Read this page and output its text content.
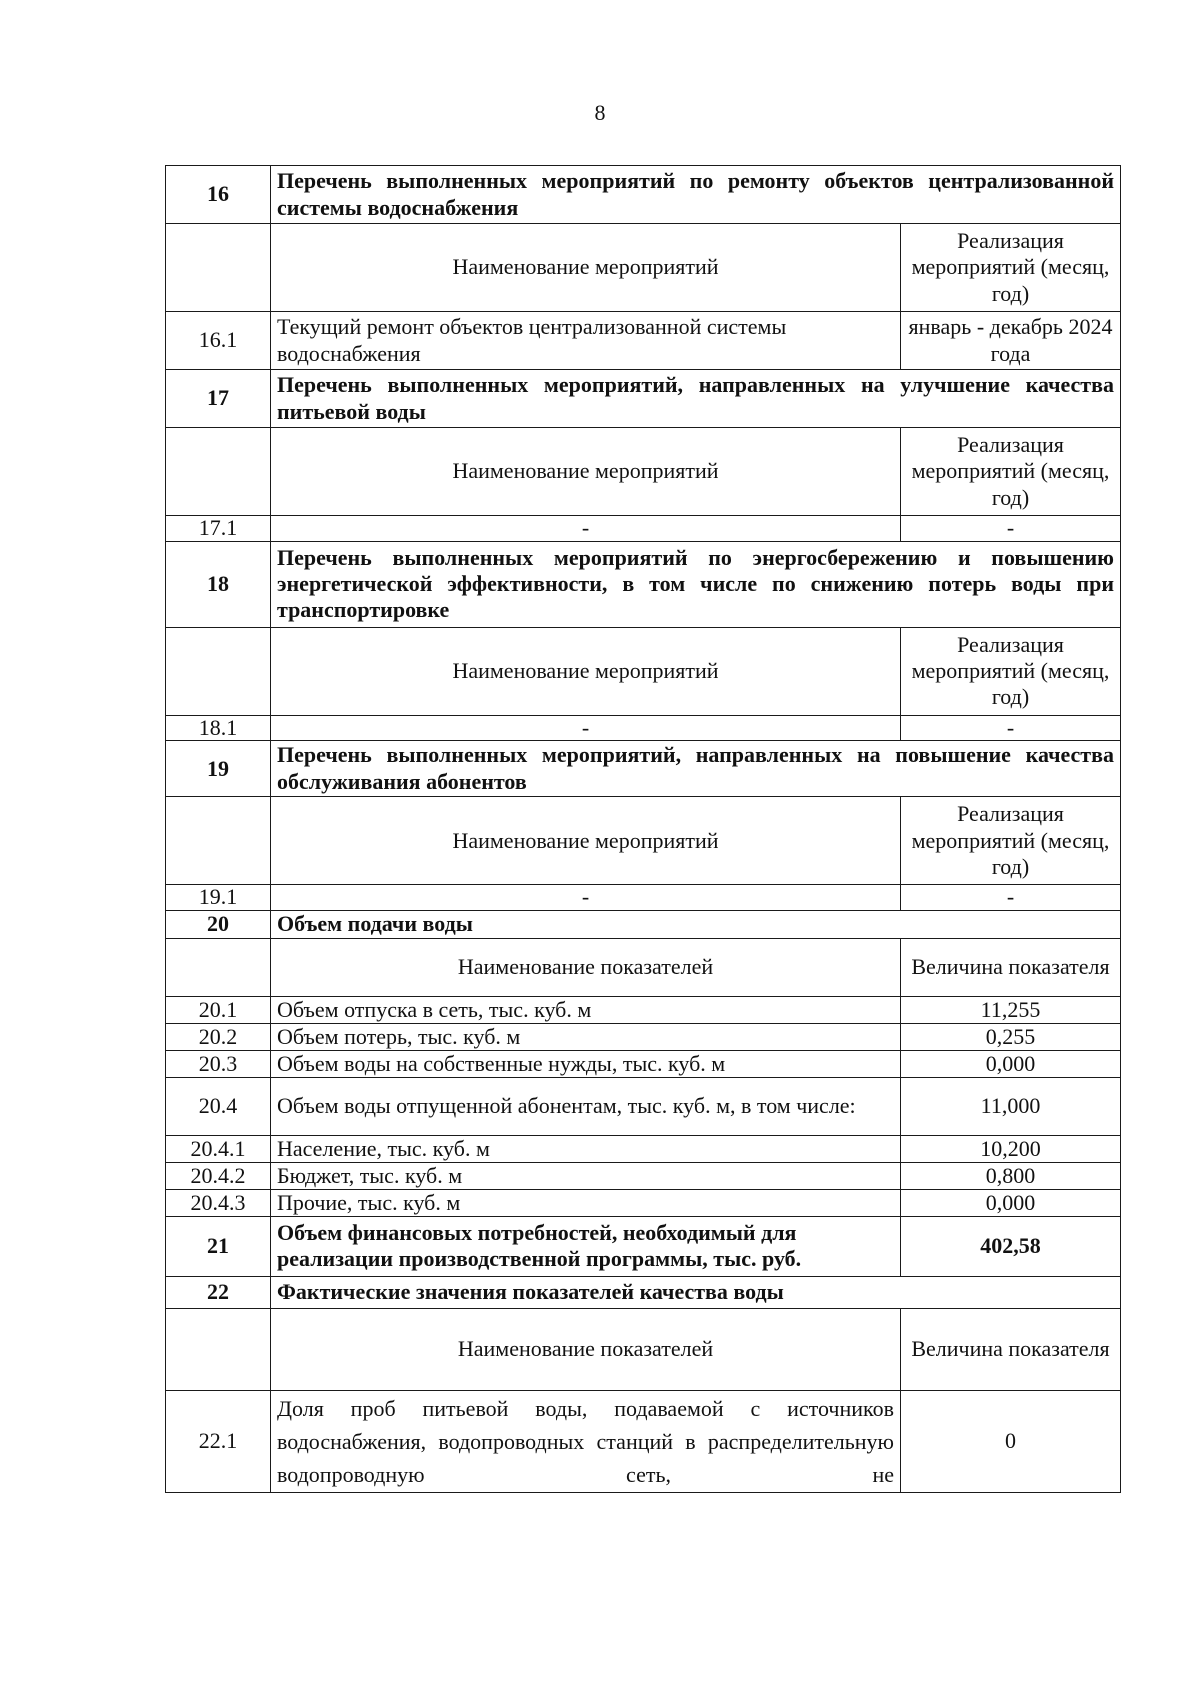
8
16	Перечень выполненных мероприятий по ремонту объектов централизованной системы водоснабжения	
	Наименование мероприятий	Реализация мероприятий (месяц, год)
16.1	Текущий ремонт объектов централизованной системы водоснабжения	январь - декабрь 2024 года
17	Перечень выполненных мероприятий, направленных на улучшение качества питьевой воды	
	Наименование мероприятий	Реализация мероприятий (месяц, год)
17.1	-	-
18	Перечень выполненных мероприятий по энергосбережению и повышению энергетической эффективности, в том числе по снижению потерь воды при транспортировке	
	Наименование мероприятий	Реализация мероприятий (месяц, год)
18.1	-	-
19	Перечень выполненных мероприятий, направленных на повышение качества обслуживания абонентов	
	Наименование мероприятий	Реализация мероприятий (месяц, год)
19.1	-	-
20	Объем подачи воды	
	Наименование показателей	Величина показателя
20.1	Объем отпуска в сеть, тыс. куб. м	11,255
20.2	Объем потерь, тыс. куб. м	0,255
20.3	Объем воды на собственные нужды, тыс. куб. м	0,000
20.4	Объем воды отпущенной абонентам, тыс. куб. м, в том числе:	11,000
20.4.1	Население, тыс. куб. м	10,200
20.4.2	Бюджет, тыс. куб. м	0,800
20.4.3	Прочие, тыс. куб. м	0,000
21	Объем финансовых потребностей, необходимый для реализации производственной программы, тыс. руб.	402,58
22	Фактические значения показателей качества воды	
	Наименование показателей	Величина показателя
22.1	Доля проб питьевой воды, подаваемой с источников водоснабжения, водопроводных станций в распределительную водопроводную сеть, не	0
